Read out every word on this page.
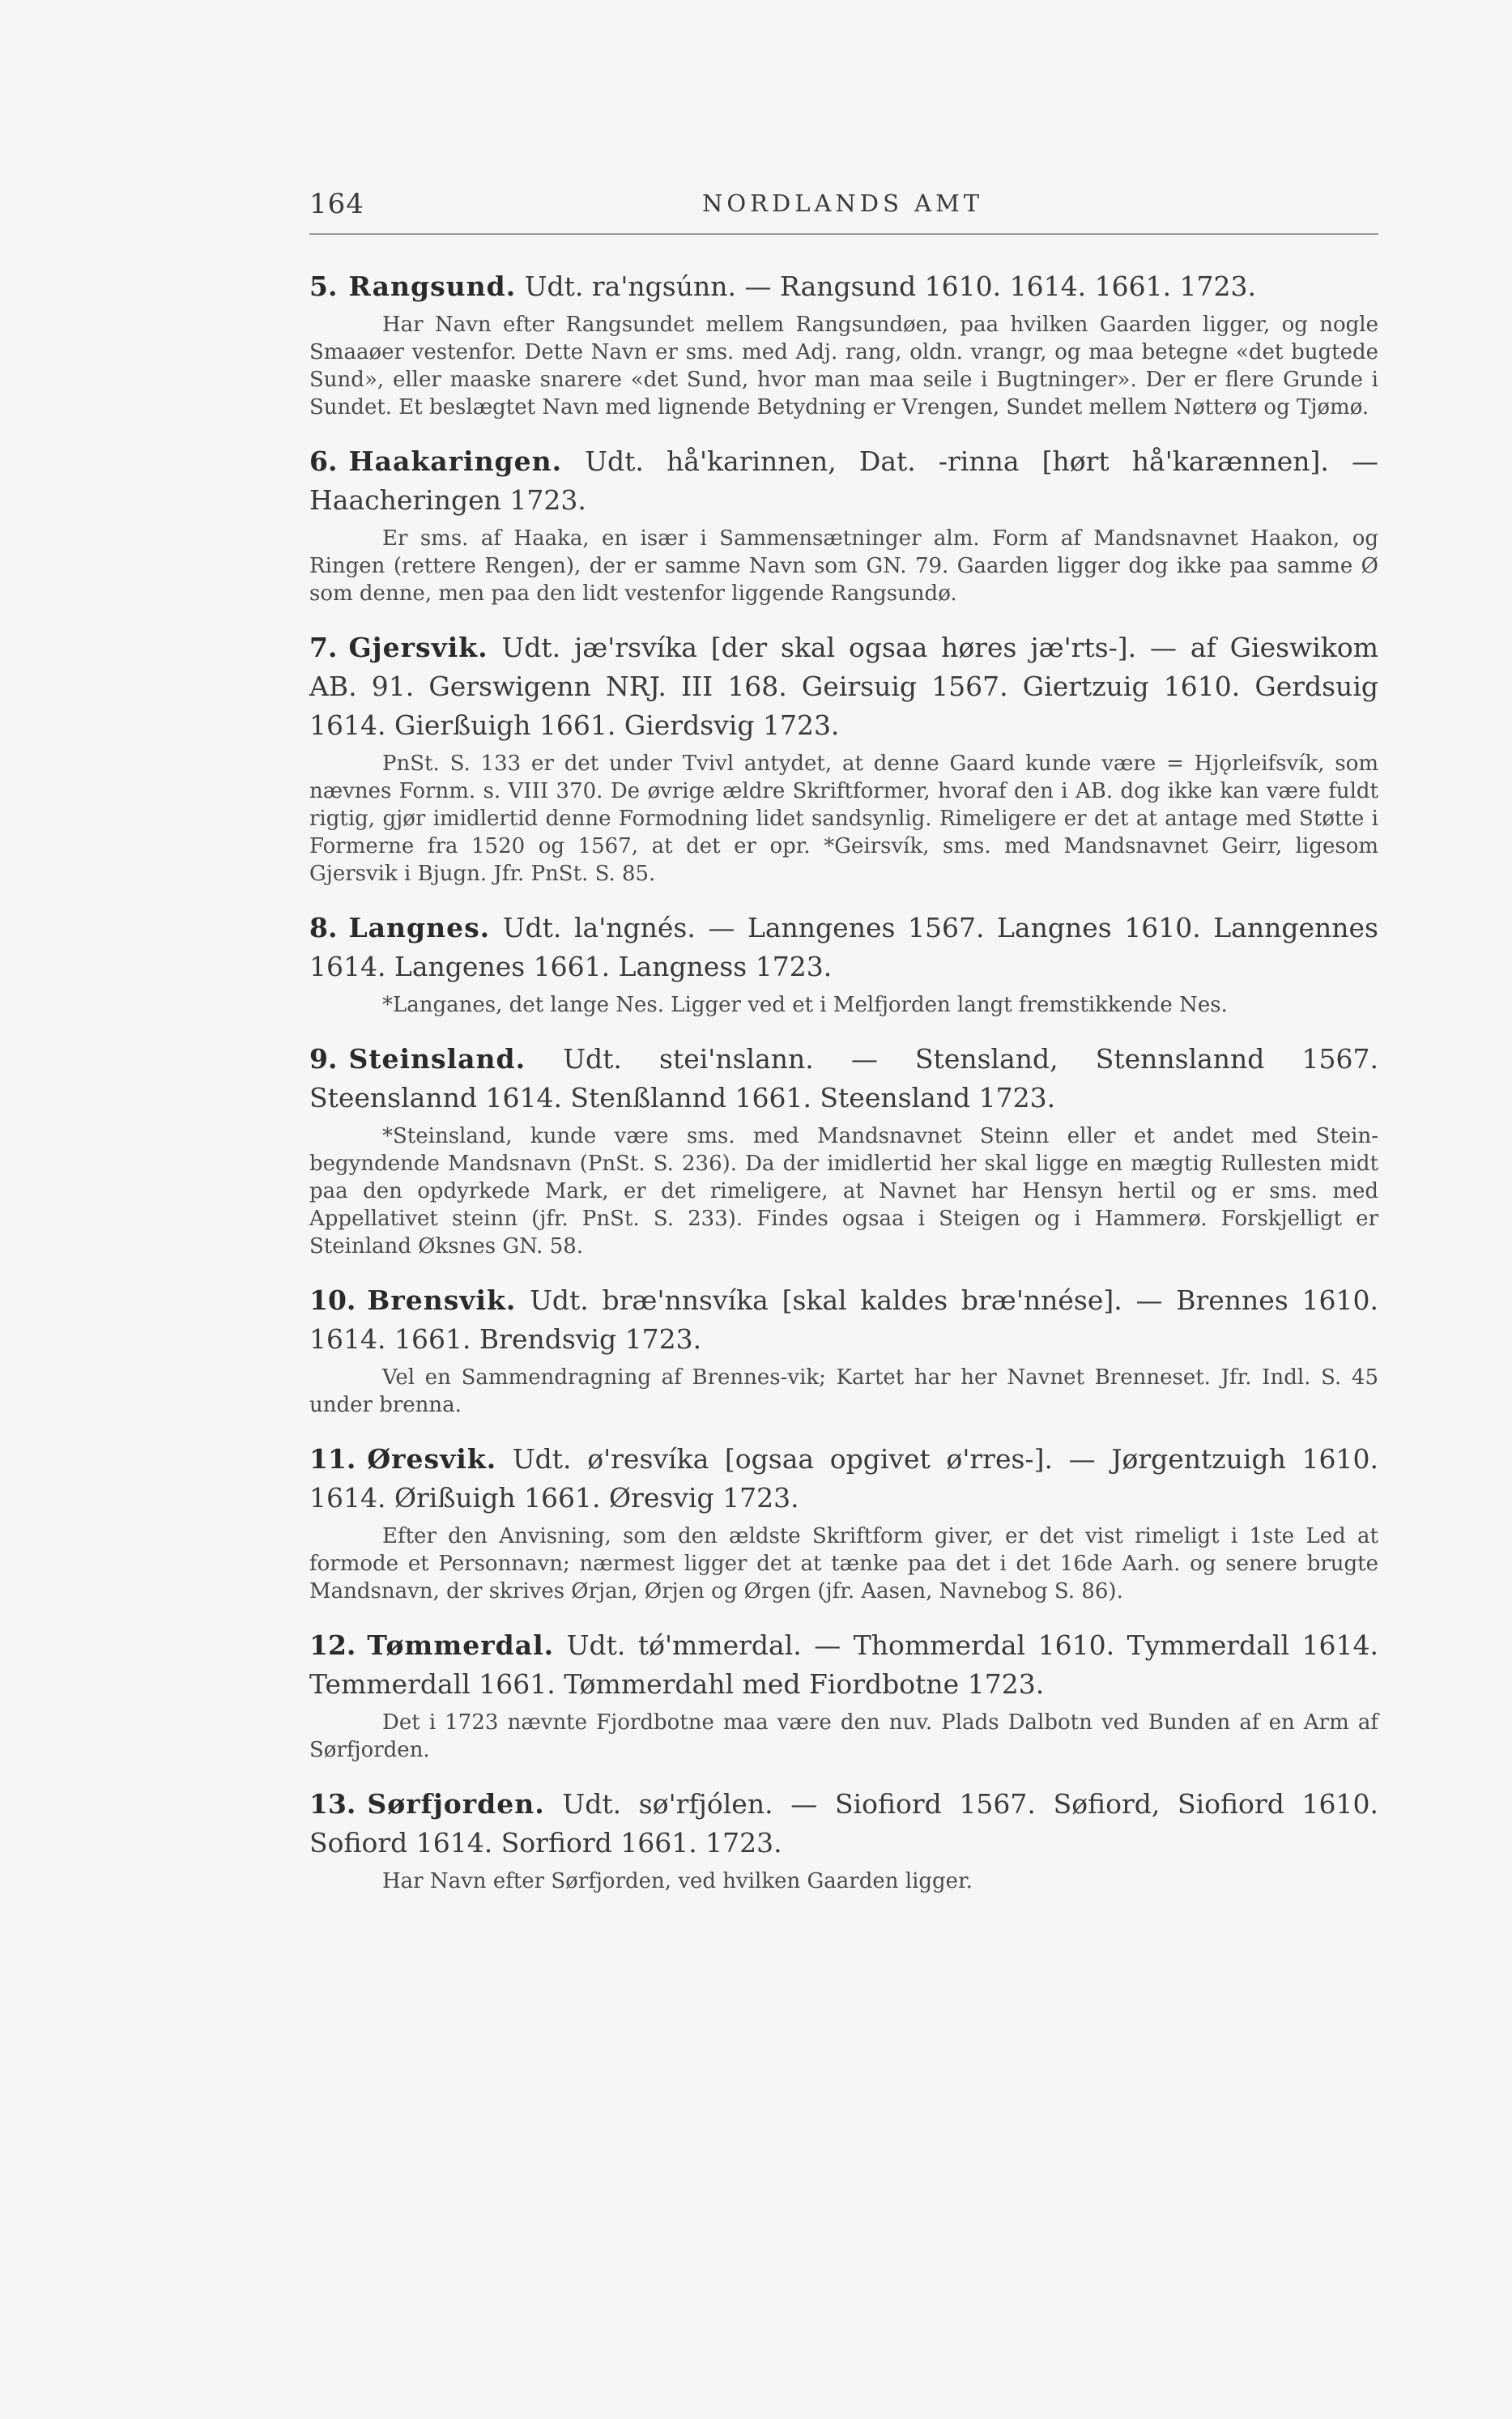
164	NORDLANDS AMT

5. Rangsund. Udt. ra'ngsúnn. — Rangsund 1610. 1614. 1661. 1723.

Har Navn efter Rangsundet mellem Rangsundøen, paa hvilken Gaarden ligger, og nogle Smaaøer vestenfor. Dette Navn er sms. med Adj. rang, oldn. vrangr, og maa betegne «det bugtede Sund», eller maaske snarere «det Sund, hvor man maa seile i Bugtninger». Der er flere Grunde i Sundet. Et beslægtet Navn med lignende Betydning er Vrengen, Sundet mellem Nøtterø og Tjømø.

6. Haakaringen. Udt. hå'karinnen, Dat. -rinna [hørt hå'karænnen]. — Haacheringen 1723.

Er sms. af Haaka, en især i Sammensætninger alm. Form af Mandsnavnet Haakon, og Ringen (rettere Rengen), der er samme Navn som GN. 79. Gaarden ligger dog ikke paa samme Ø som denne, men paa den lidt vestenfor liggende Rangsundø.

7. Gjersvik. Udt. jæ'rsvíka [der skal ogsaa høres jæ'rts-]. — af Gieswikom AB. 91. Gerswigenn NRJ. III 168. Geirsuig 1567. Giertzuig 1610. Gerdsuig 1614. Gierßuigh 1661. Gierdsvig 1723.

PnSt. S. 133 er det under Tvivl antydet, at denne Gaard kunde være = Hjǫrleifsvík, som nævnes Fornm. s. VIII 370. De øvrige ældre Skriftformer, hvoraf den i AB. dog ikke kan være fuldt rigtig, gjør imidlertid denne Formodning lidet sandsynlig. Rimeligere er det at antage med Støtte i Formerne fra 1520 og 1567, at det er opr. *Geirsvík, sms. med Mandsnavnet Geirr, ligesom Gjersvik i Bjugn. Jfr. PnSt. S. 85.

8. Langnes. Udt. la'ngnés. — Lanngenes 1567. Langnes 1610. Lanngennes 1614. Langenes 1661. Langness 1723.

*Langanes, det lange Nes. Ligger ved et i Melfjorden langt fremstikkende Nes.

9. Steinsland. Udt. stei'nslann. — Stensland, Stennslannd 1567. Steenslannd 1614. Stenßlannd 1661. Steensland 1723.

*Steinsland, kunde være sms. med Mandsnavnet Steinn eller et andet med Stein- begyndende Mandsnavn (PnSt. S. 236). Da der imidlertid her skal ligge en mægtig Rullesten midt paa den opdyrkede Mark, er det rimeligere, at Navnet har Hensyn hertil og er sms. med Appellativet steinn (jfr. PnSt. S. 233). Findes ogsaa i Steigen og i Hammerø. Forskjelligt er Steinland Øksnes GN. 58.

10. Brensvik. Udt. bræ'nnsvíka [skal kaldes bræ'nnése]. — Brennes 1610. 1614. 1661. Brendsvig 1723.

Vel en Sammendragning af Brennes-vik; Kartet har her Navnet Brenneset. Jfr. Indl. S. 45 under brenna.

11. Øresvik. Udt. ø'resvíka [ogsaa opgivet ø'rres-]. — Jørgentzuigh 1610. 1614. Ørißuigh 1661. Øresvig 1723.

Efter den Anvisning, som den ældste Skriftform giver, er det vist rimeligt i 1ste Led at formode et Personnavn; nærmest ligger det at tænke paa det i det 16de Aarh. og senere brugte Mandsnavn, der skrives Ørjan, Ørjen og Ørgen (jfr. Aasen, Navnebog S. 86).

12. Tømmerdal. Udt. tǿ'mmerdal. — Thommerdal 1610. Tymmerdall 1614. Temmerdall 1661. Tømmerdahl med Fiordbotne 1723.

Det i 1723 nævnte Fjordbotne maa være den nuv. Plads Dalbotn ved Bunden af en Arm af Sørfjorden.

13. Sørfjorden. Udt. sø'rfjólen. — Siofiord 1567. Søfiord, Siofiord 1610. Sofiord 1614. Sorfiord 1661. 1723.

Har Navn efter Sørfjorden, ved hvilken Gaarden ligger.
